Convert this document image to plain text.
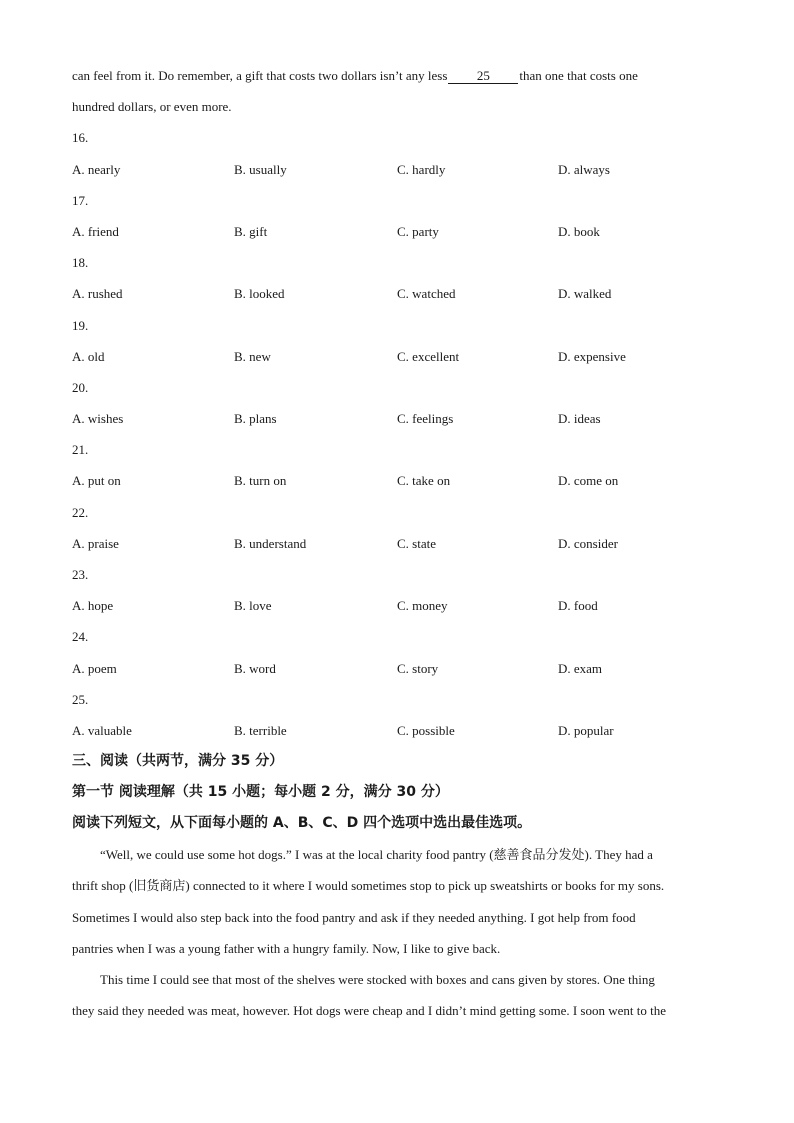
can feel from it. Do remember, a gift that costs two dollars isn’t any less 25 than one that costs one
hundred dollars, or even more.
16.
A. nearly	B. usually	C. hardly	D. always
17.
A. friend	B. gift	C. party	D. book
18.
A. rushed	B. looked	C. watched	D. walked
19.
A. old	B. new	C. excellent	D. expensive
20.
A. wishes	B. plans	C. feelings	D. ideas
21.
A. put on	B. turn on	C. take on	D. come on
22.
A. praise	B. understand	C. state	D. consider
23.
A. hope	B. love	C. money	D. food
24.
A. poem	B. word	C. story	D. exam
25.
A. valuable	B. terrible	C. possible	D. popular
三、阅读（共两节，满分 35 分）
第一节 阅读理解（共 15 小题；每小题 2 分，满分 30 分）
阅读下列短文，从下面每小题的 A、B、C、D 四个选项中选出最佳选项。
“Well, we could use some hot dogs.” I was at the local charity food pantry (慈善食品分发处). They had a
thrift shop (旧货商店) connected to it where I would sometimes stop to pick up sweatshirts or books for my sons.
Sometimes I would also step back into the food pantry and ask if they needed anything. I got help from food
pantries when I was a young father with a hungry family. Now, I like to give back.
This time I could see that most of the shelves were stocked with boxes and cans given by stores. One thing
they said they needed was meat, however. Hot dogs were cheap and I didn’t mind getting some. I soon went to the
